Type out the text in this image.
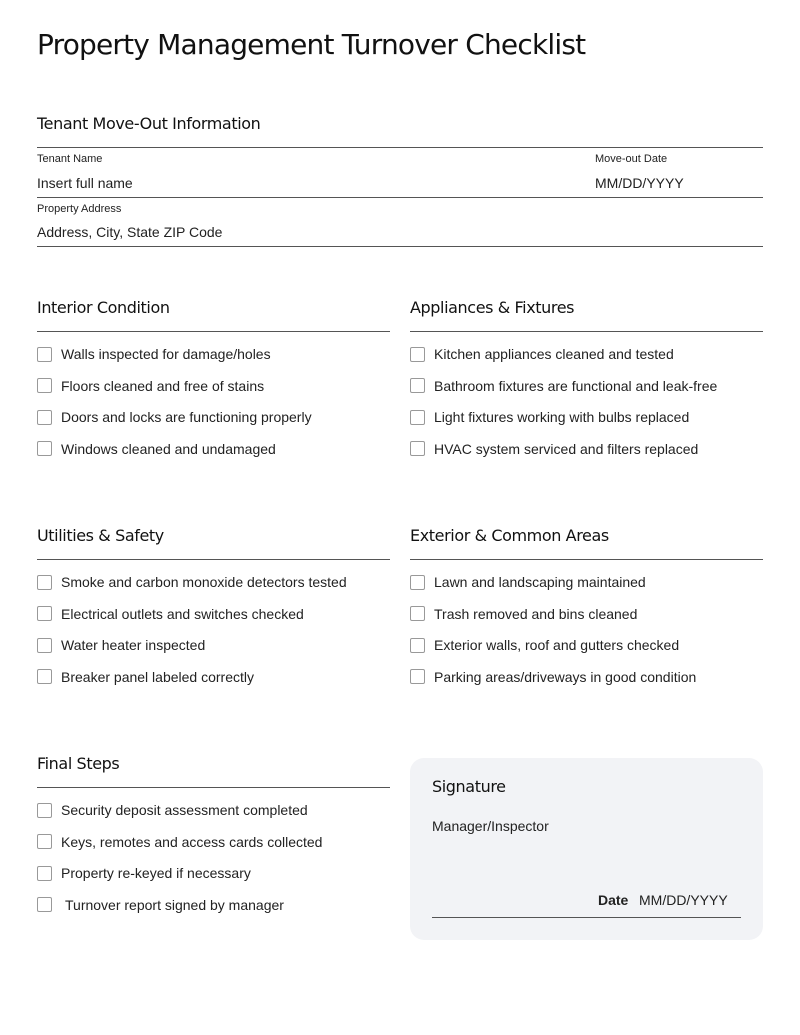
Property Management Turnover Checklist
Tenant Move-Out Information
Tenant Name
Insert full name
Move-out Date
MM/DD/YYYY
Property Address
Address, City, State ZIP Code
Interior Condition
Walls inspected for damage/holes
Floors cleaned and free of stains
Doors and locks are functioning properly
Windows cleaned and undamaged
Appliances & Fixtures
Kitchen appliances cleaned and tested
Bathroom fixtures are functional and leak-free
Light fixtures working with bulbs replaced
HVAC system serviced and filters replaced
Utilities & Safety
Smoke and carbon monoxide detectors tested
Electrical outlets and switches checked
Water heater inspected
Breaker panel labeled correctly
Exterior & Common Areas
Lawn and landscaping maintained
Trash removed and bins cleaned
Exterior walls, roof and gutters checked
Parking areas/driveways in good condition
Final Steps
Security deposit assessment completed
Keys, remotes and access cards collected
Property re-keyed if necessary
Turnover report signed by manager
Signature
Manager/Inspector
Date MM/DD/YYYY
